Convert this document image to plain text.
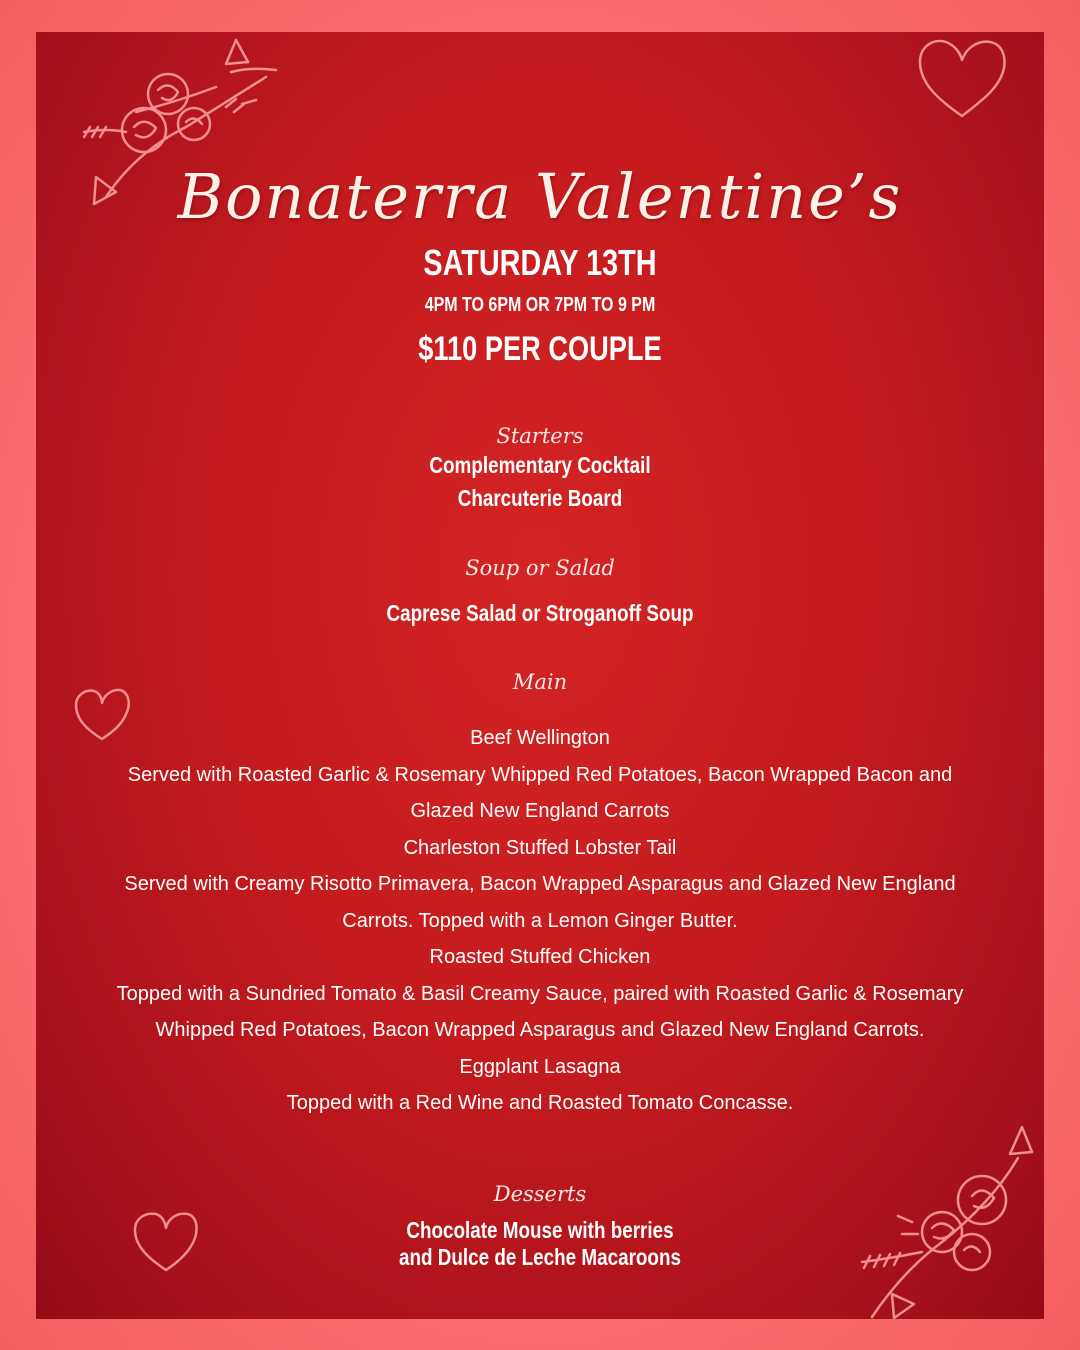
Bonaterra Valentine’s
SATURDAY 13TH
4PM TO 6PM OR 7PM TO 9 PM
$110 PER COUPLE
Starters
Complementary Cocktail
Charcuterie Board
Soup or Salad
Caprese Salad or Stroganoff Soup
Main
Beef Wellington
Served with Roasted Garlic & Rosemary Whipped Red Potatoes, Bacon Wrapped Bacon and
Glazed New England Carrots
Charleston Stuffed Lobster Tail
Served with Creamy Risotto Primavera, Bacon Wrapped Asparagus and Glazed New England
Carrots. Topped with a Lemon Ginger Butter.
Roasted Stuffed Chicken
Topped with a Sundried Tomato & Basil Creamy Sauce, paired with Roasted Garlic & Rosemary
Whipped Red Potatoes, Bacon Wrapped Asparagus and Glazed New England Carrots.
Eggplant Lasagna
Topped with a Red Wine and Roasted Tomato Concasse.
Desserts
Chocolate Mouse with berries
and Dulce de Leche Macaroons
